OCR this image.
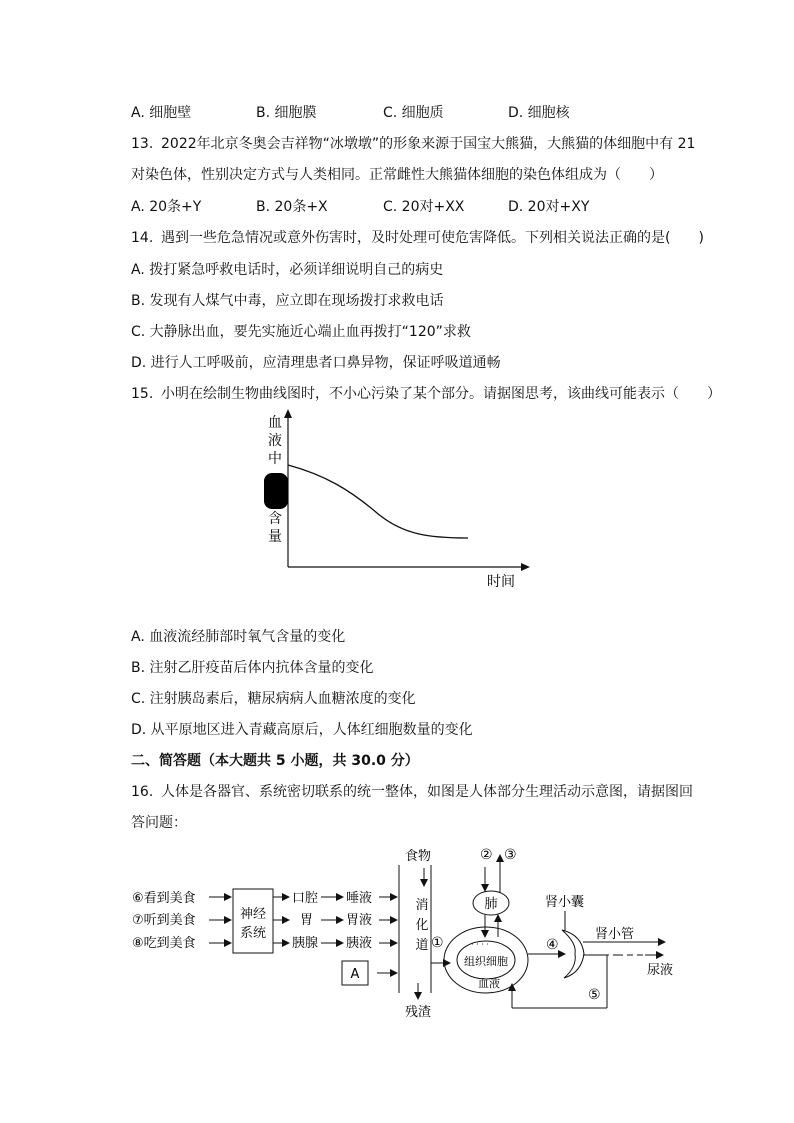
A. 细胞壁	B. 细胞膜	C. 细胞质	D. 细胞核
13. 2022年北京冬奥会吉祥物“冰墩墩”的形象来源于国宝大熊猫，大熊猫的体细胞中有 21
对染色体，性别决定方式与人类相同。正常雌性大熊猫体细胞的染色体组成为（　　）
A. 20条+Y	B. 20条+X	C. 20对+XX	D. 20对+XY
14. 遇到一些危急情况或意外伤害时，及时处理可使危害降低。下列相关说法正确的是(　　)
A. 拨打紧急呼救电话时，必须详细说明自己的病史
B. 发现有人煤气中毒，应立即在现场拨打求救电话
C. 大静脉出血，要先实施近心端止血再拨打“120”求救
D. 进行人工呼吸前，应清理患者口鼻异物，保证呼吸道通畅
15. 小明在绘制生物曲线图时，不小心污染了某个部分。请据图思考，该曲线可能表示（　　）
血
液
中
含
量
时间
A. 血液流经肺部时氧气含量的变化
B. 注射乙肝疫苗后体内抗体含量的变化
C. 注射胰岛素后，糖尿病病人血糖浓度的变化
D. 从平原地区进入青藏高原后，人体红细胞数量的变化
二、简答题（本大题共 5 小题，共 30.0 分）
16. 人体是各器官、系统密切联系的统一整体，如图是人体部分生理活动示意图，请据图回
答问题：
⑥看到美食
⑦听到美食
⑧吃到美食
神经
系统
口腔
胃
胰腺
唾液
胃液
胰液
食物
消
化
道 ①
A
残渣
② ③
肺
· · · ·
组织细胞
血液
④
肾小囊
肾小管
尿液
⑤
